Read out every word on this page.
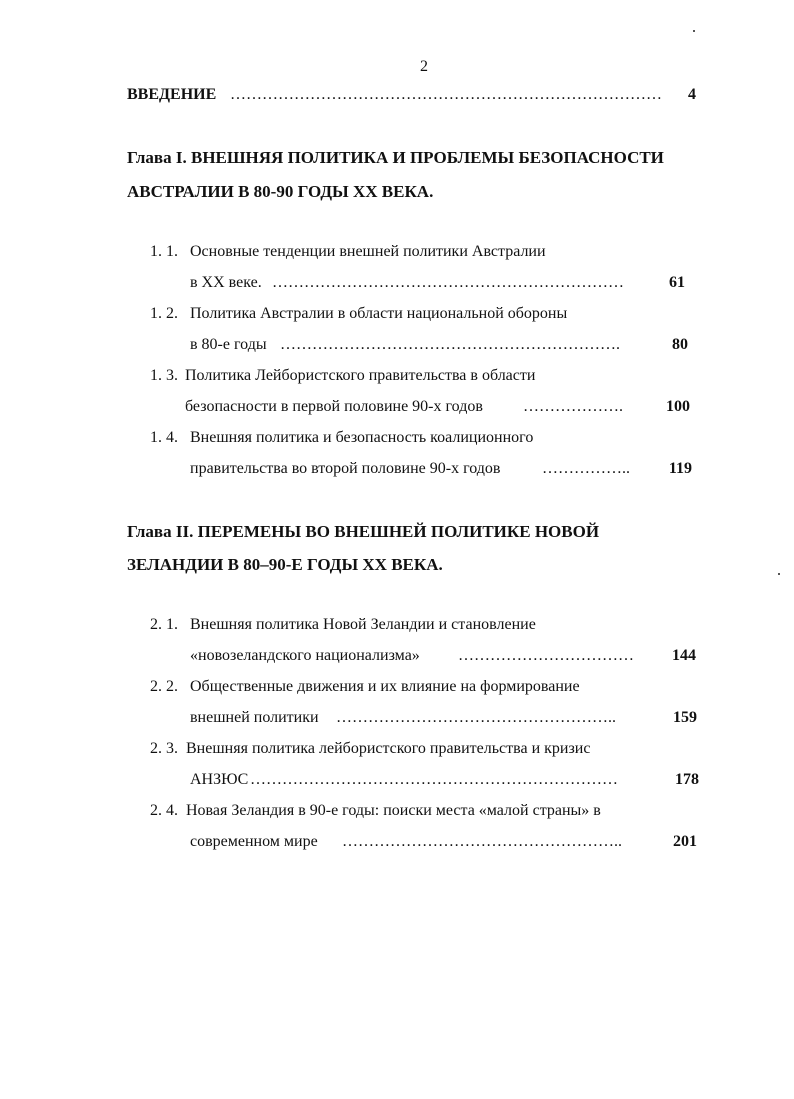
2
ВВЕДЕНИЕ ………………………………………………………………………	4
Глава I. ВНЕШНЯЯ ПОЛИТИКА И ПРОБЛЕМЫ БЕЗОПАСНОСТИ
АВСТРАЛИИ В 80-90 ГОДЫ XX ВЕКА.
1. 1. Основные тенденции внешней политики Австралии
в XX веке. …………………………………………………………	61
1. 2. Политика Австралии в области национальной обороны
в 80-е годы ……………………………………………………….	80
1. 3. Политика Лейбористского правительства в области
безопасности в первой половине 90-х годов	……………….	100
1. 4. Внешняя политика и безопасность коалиционного
правительства во второй половине 90-х годов	……………..	119
Глава II. ПЕРЕМЕНЫ ВО ВНЕШНЕЙ ПОЛИТИКЕ НОВОЙ
ЗЕЛАНДИИ В 80–90-Е ГОДЫ XX ВЕКА.
2. 1. Внешняя политика Новой Зеландии и становление
«новозеландского национализма» ……………………………	144
2. 2. Общественные движения и их влияние на формирование
внешней политики ……………………………………………..	159
2. 3. Внешняя политика лейбористского правительства и кризис
АНЗЮС ……………………………………………………………	178
2. 4. Новая Зеландия в 90-е годы: поиски места «малой страны» в
современном мире ……………………………………………..	201
